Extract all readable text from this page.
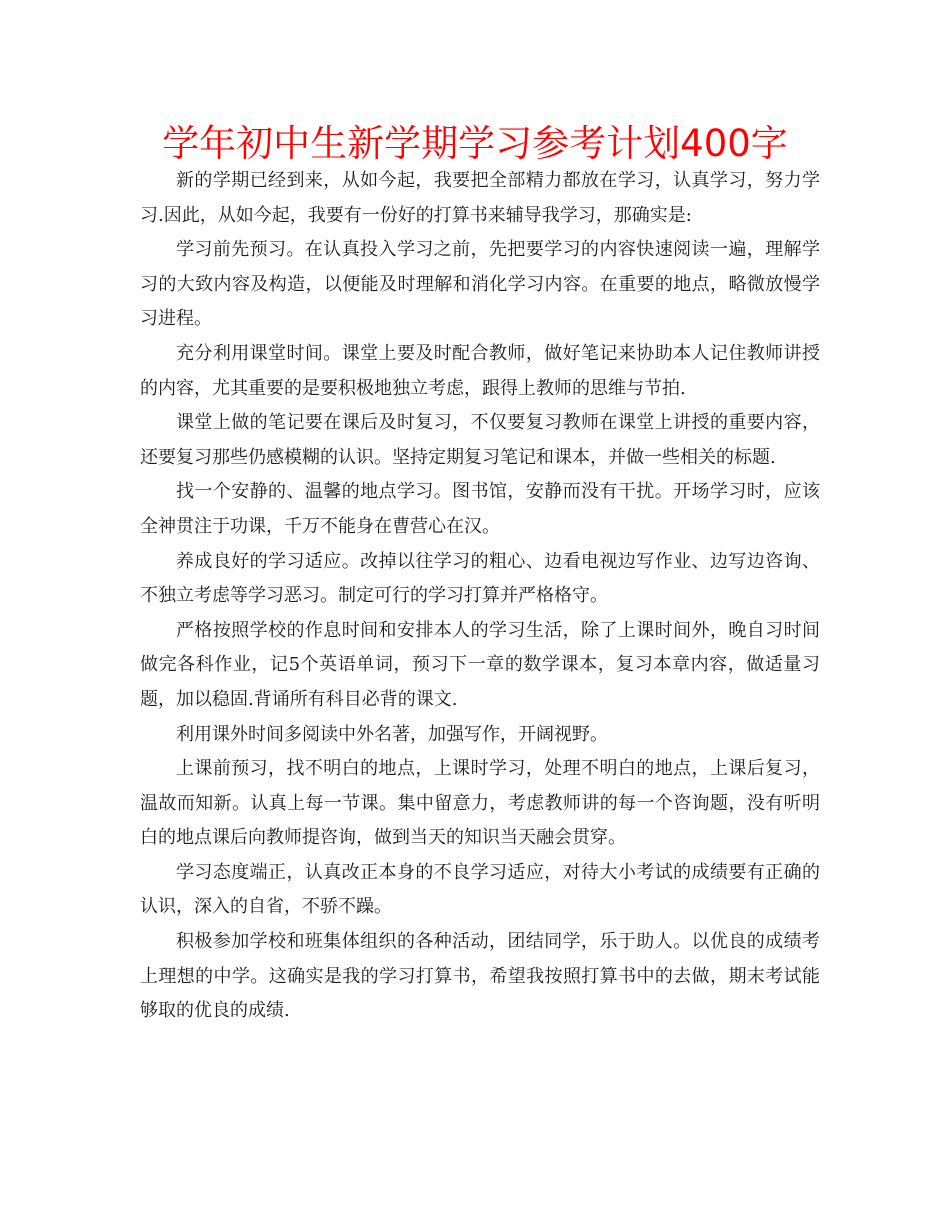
学年初中生新学期学习参考计划400字

新的学期已经到来，从如今起，我要把全部精力都放在学习，认真学习，努力学习.因此，从如今起，我要有一份好的打算书来辅导我学习，那确实是:

学习前先预习。在认真投入学习之前，先把要学习的内容快速阅读一遍，理解学习的大致内容及构造，以便能及时理解和消化学习内容。在重要的地点，略微放慢学习进程。

充分利用课堂时间。课堂上要及时配合教师，做好笔记来协助本人记住教师讲授的内容，尤其重要的是要积极地独立考虑，跟得上教师的思维与节拍.

课堂上做的笔记要在课后及时复习，不仅要复习教师在课堂上讲授的重要内容，还要复习那些仍感模糊的认识。坚持定期复习笔记和课本，并做一些相关的标题.

找一个安静的、温馨的地点学习。图书馆，安静而没有干扰。开场学习时，应该全神贯注于功课，千万不能身在曹营心在汉。

养成良好的学习适应。改掉以往学习的粗心、边看电视边写作业、边写边咨询、不独立考虑等学习恶习。制定可行的学习打算并严格格守。

严格按照学校的作息时间和安排本人的学习生活，除了上课时间外，晚自习时间做完各科作业，记5个英语单词，预习下一章的数学课本，复习本章内容，做适量习题，加以稳固.背诵所有科目必背的课文.

利用课外时间多阅读中外名著，加强写作，开阔视野。

上课前预习，找不明白的地点，上课时学习，处理不明白的地点，上课后复习，温故而知新。认真上每一节课。集中留意力，考虑教师讲的每一个咨询题，没有听明白的地点课后向教师提咨询，做到当天的知识当天融会贯穿。

学习态度端正，认真改正本身的不良学习适应，对待大小考试的成绩要有正确的认识，深入的自省，不骄不躁。

积极参加学校和班集体组织的各种活动，团结同学，乐于助人。以优良的成绩考上理想的中学。这确实是我的学习打算书，希望我按照打算书中的去做，期末考试能够取的优良的成绩.
